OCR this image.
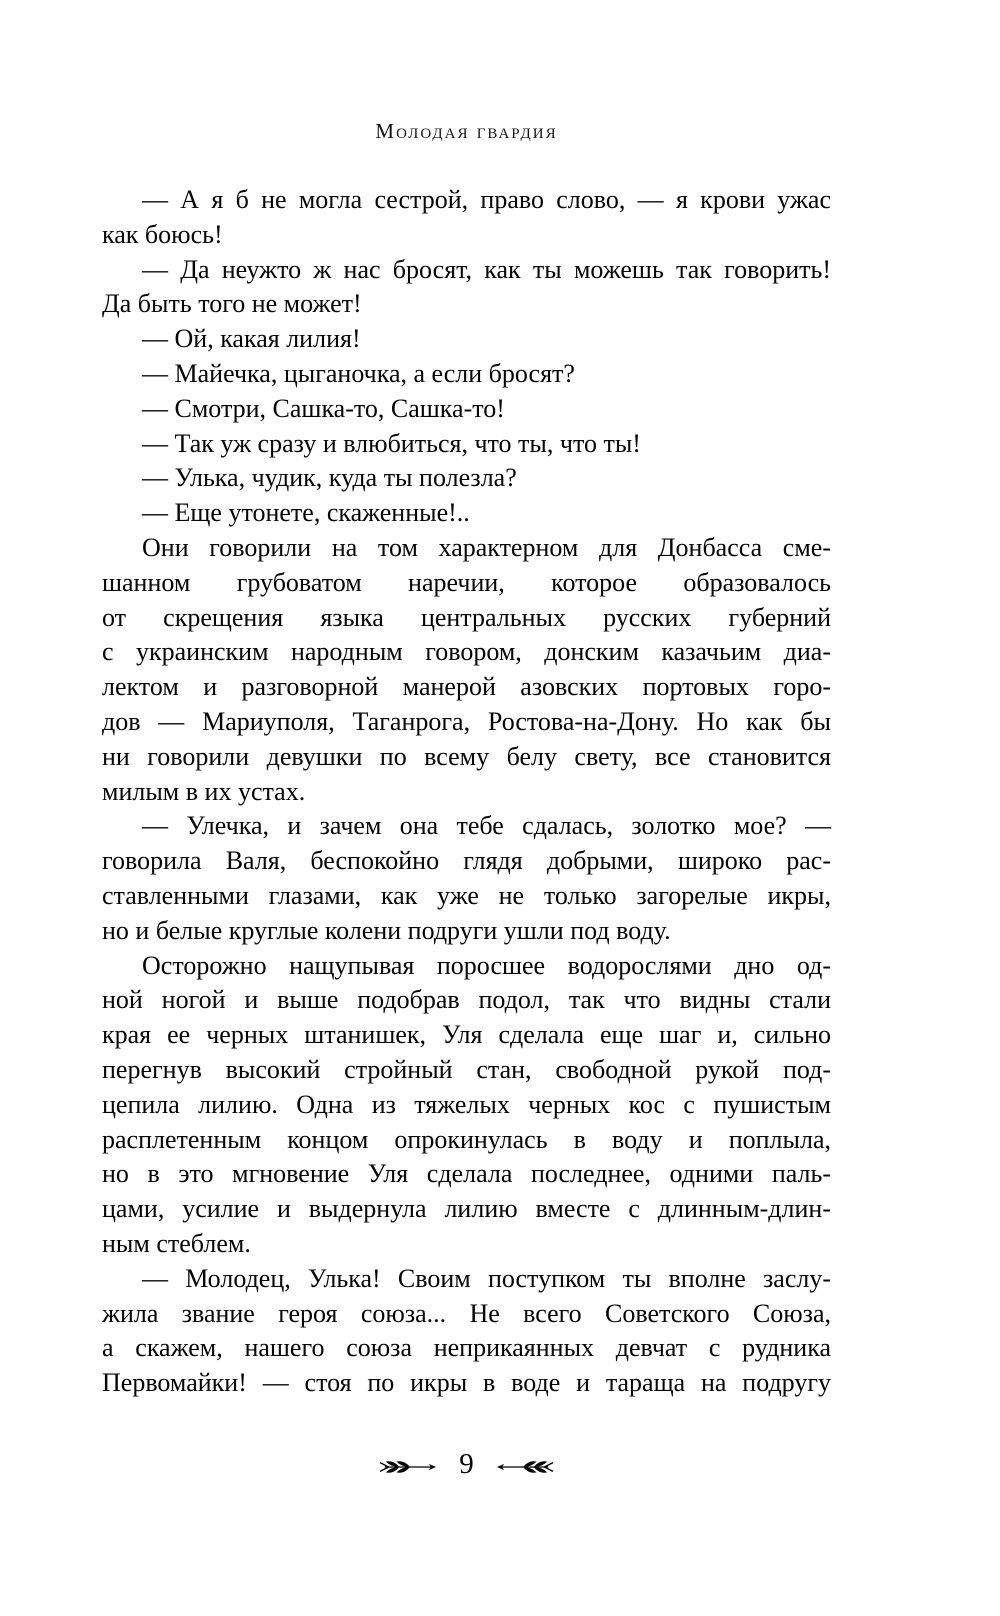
Молодая гвардия
— А я б не могла сестрой, право слово, — я крови ужас
как боюсь!
— Да неужто ж нас бросят, как ты можешь так говорить!
Да быть того не может!
— Ой, какая лилия!
— Майечка, цыганочка, а если бросят?
— Смотри, Сашка-то, Сашка-то!
— Так уж сразу и влюбиться, что ты, что ты!
— Улька, чудик, куда ты полезла?
— Еще утонете, скаженные!..
Они говорили на том характерном для Донбасса сме-
шанном грубоватом наречии, которое образовалось
от скрещения языка центральных русских губерний
с украинским народным говором, донским казачьим диа-
лектом и разговорной манерой азовских портовых горо-
дов — Мариуполя, Таганрога, Ростова-на-Дону. Но как бы
ни говорили девушки по всему белу свету, все становится
милым в их устах.
— Улечка, и зачем она тебе сдалась, золотко мое? —
говорила Валя, беспокойно глядя добрыми, широко рас-
ставленными глазами, как уже не только загорелые икры,
но и белые круглые колени подруги ушли под воду.
Осторожно нащупывая поросшее водорослями дно од-
ной ногой и выше подобрав подол, так что видны стали
края ее черных штанишек, Уля сделала еще шаг и, сильно
перегнув высокий стройный стан, свободной рукой под-
цепила лилию. Одна из тяжелых черных кос с пушистым
расплетенным концом опрокинулась в воду и поплыла,
но в это мгновение Уля сделала последнее, одними паль-
цами, усилие и выдернула лилию вместе с длинным-длин-
ным стеблем.
— Молодец, Улька! Своим поступком ты вполне заслу-
жила звание героя союза... Не всего Советского Союза,
а скажем, нашего союза неприкаянных девчат с рудника
Первомайки! — стоя по икры в воде и тараща на подругу
9
